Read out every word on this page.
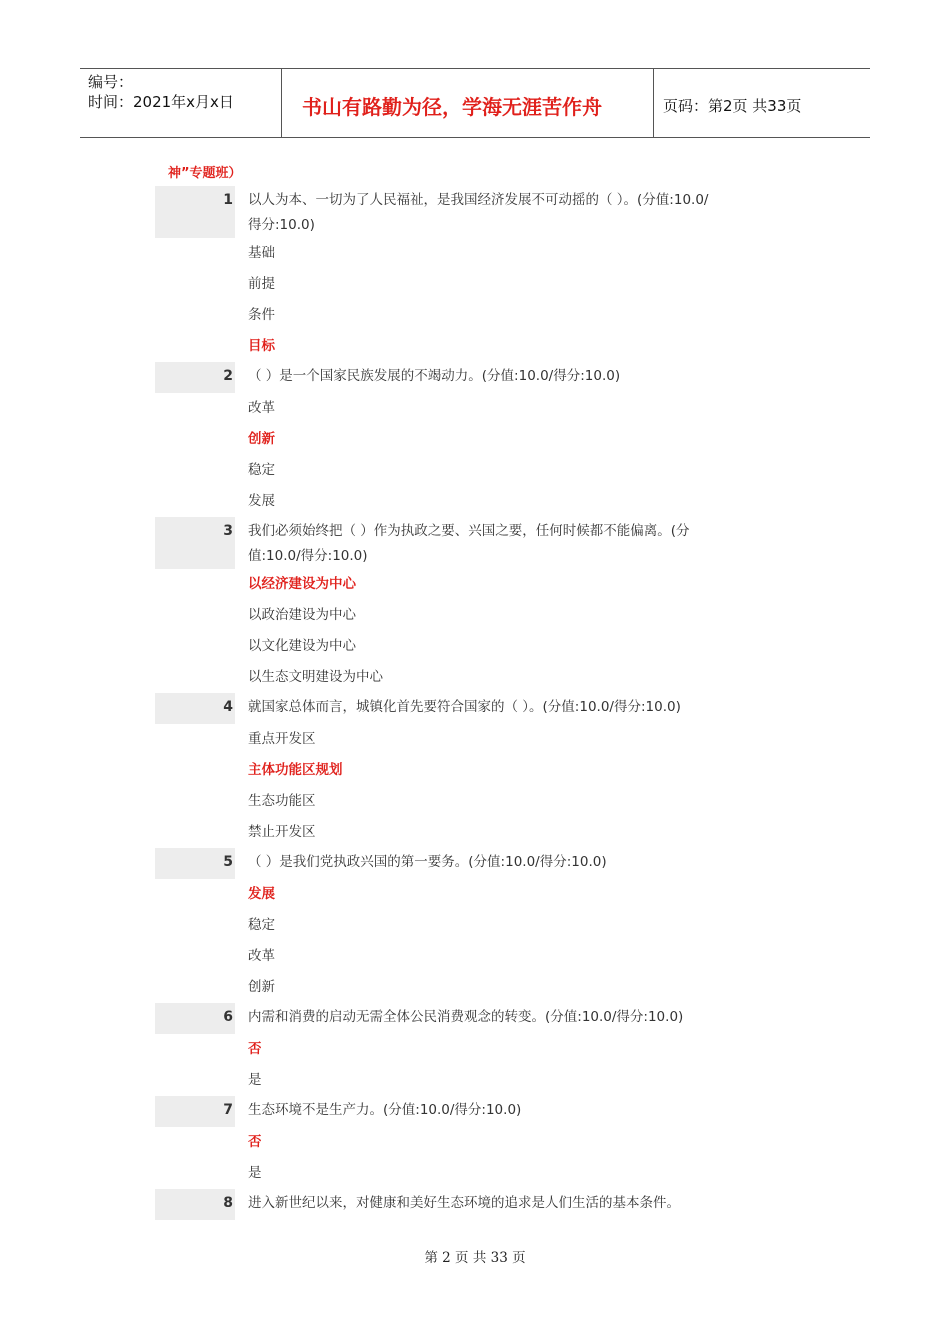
编号：
时间：2021年x月x日	书山有路勤为径，学海无涯苦作舟	页码：第2页 共33页
神”专题班）
1 以人为本、一切为了人民福祉，是我国经济发展不可动摇的（ ）。(分值:10.0/得分:10.0)
基础
前提
条件
目标
2 （ ）是一个国家民族发展的不竭动力。(分值:10.0/得分:10.0)
改革
创新
稳定
发展
3 我们必须始终把（ ）作为执政之要、兴国之要，任何时候都不能偏离。(分值:10.0/得分:10.0)
以经济建设为中心
以政治建设为中心
以文化建设为中心
以生态文明建设为中心
4 就国家总体而言，城镇化首先要符合国家的（ ）。(分值:10.0/得分:10.0)
重点开发区
主体功能区规划
生态功能区
禁止开发区
5 （ ）是我们党执政兴国的第一要务。(分值:10.0/得分:10.0)
发展
稳定
改革
创新
6 内需和消费的启动无需全体公民消费观念的转变。(分值:10.0/得分:10.0)
否
是
7 生态环境不是生产力。(分值:10.0/得分:10.0)
否
是
8 进入新世纪以来，对健康和美好生态环境的追求是人们生活的基本条件。
第 2 页 共 33 页
